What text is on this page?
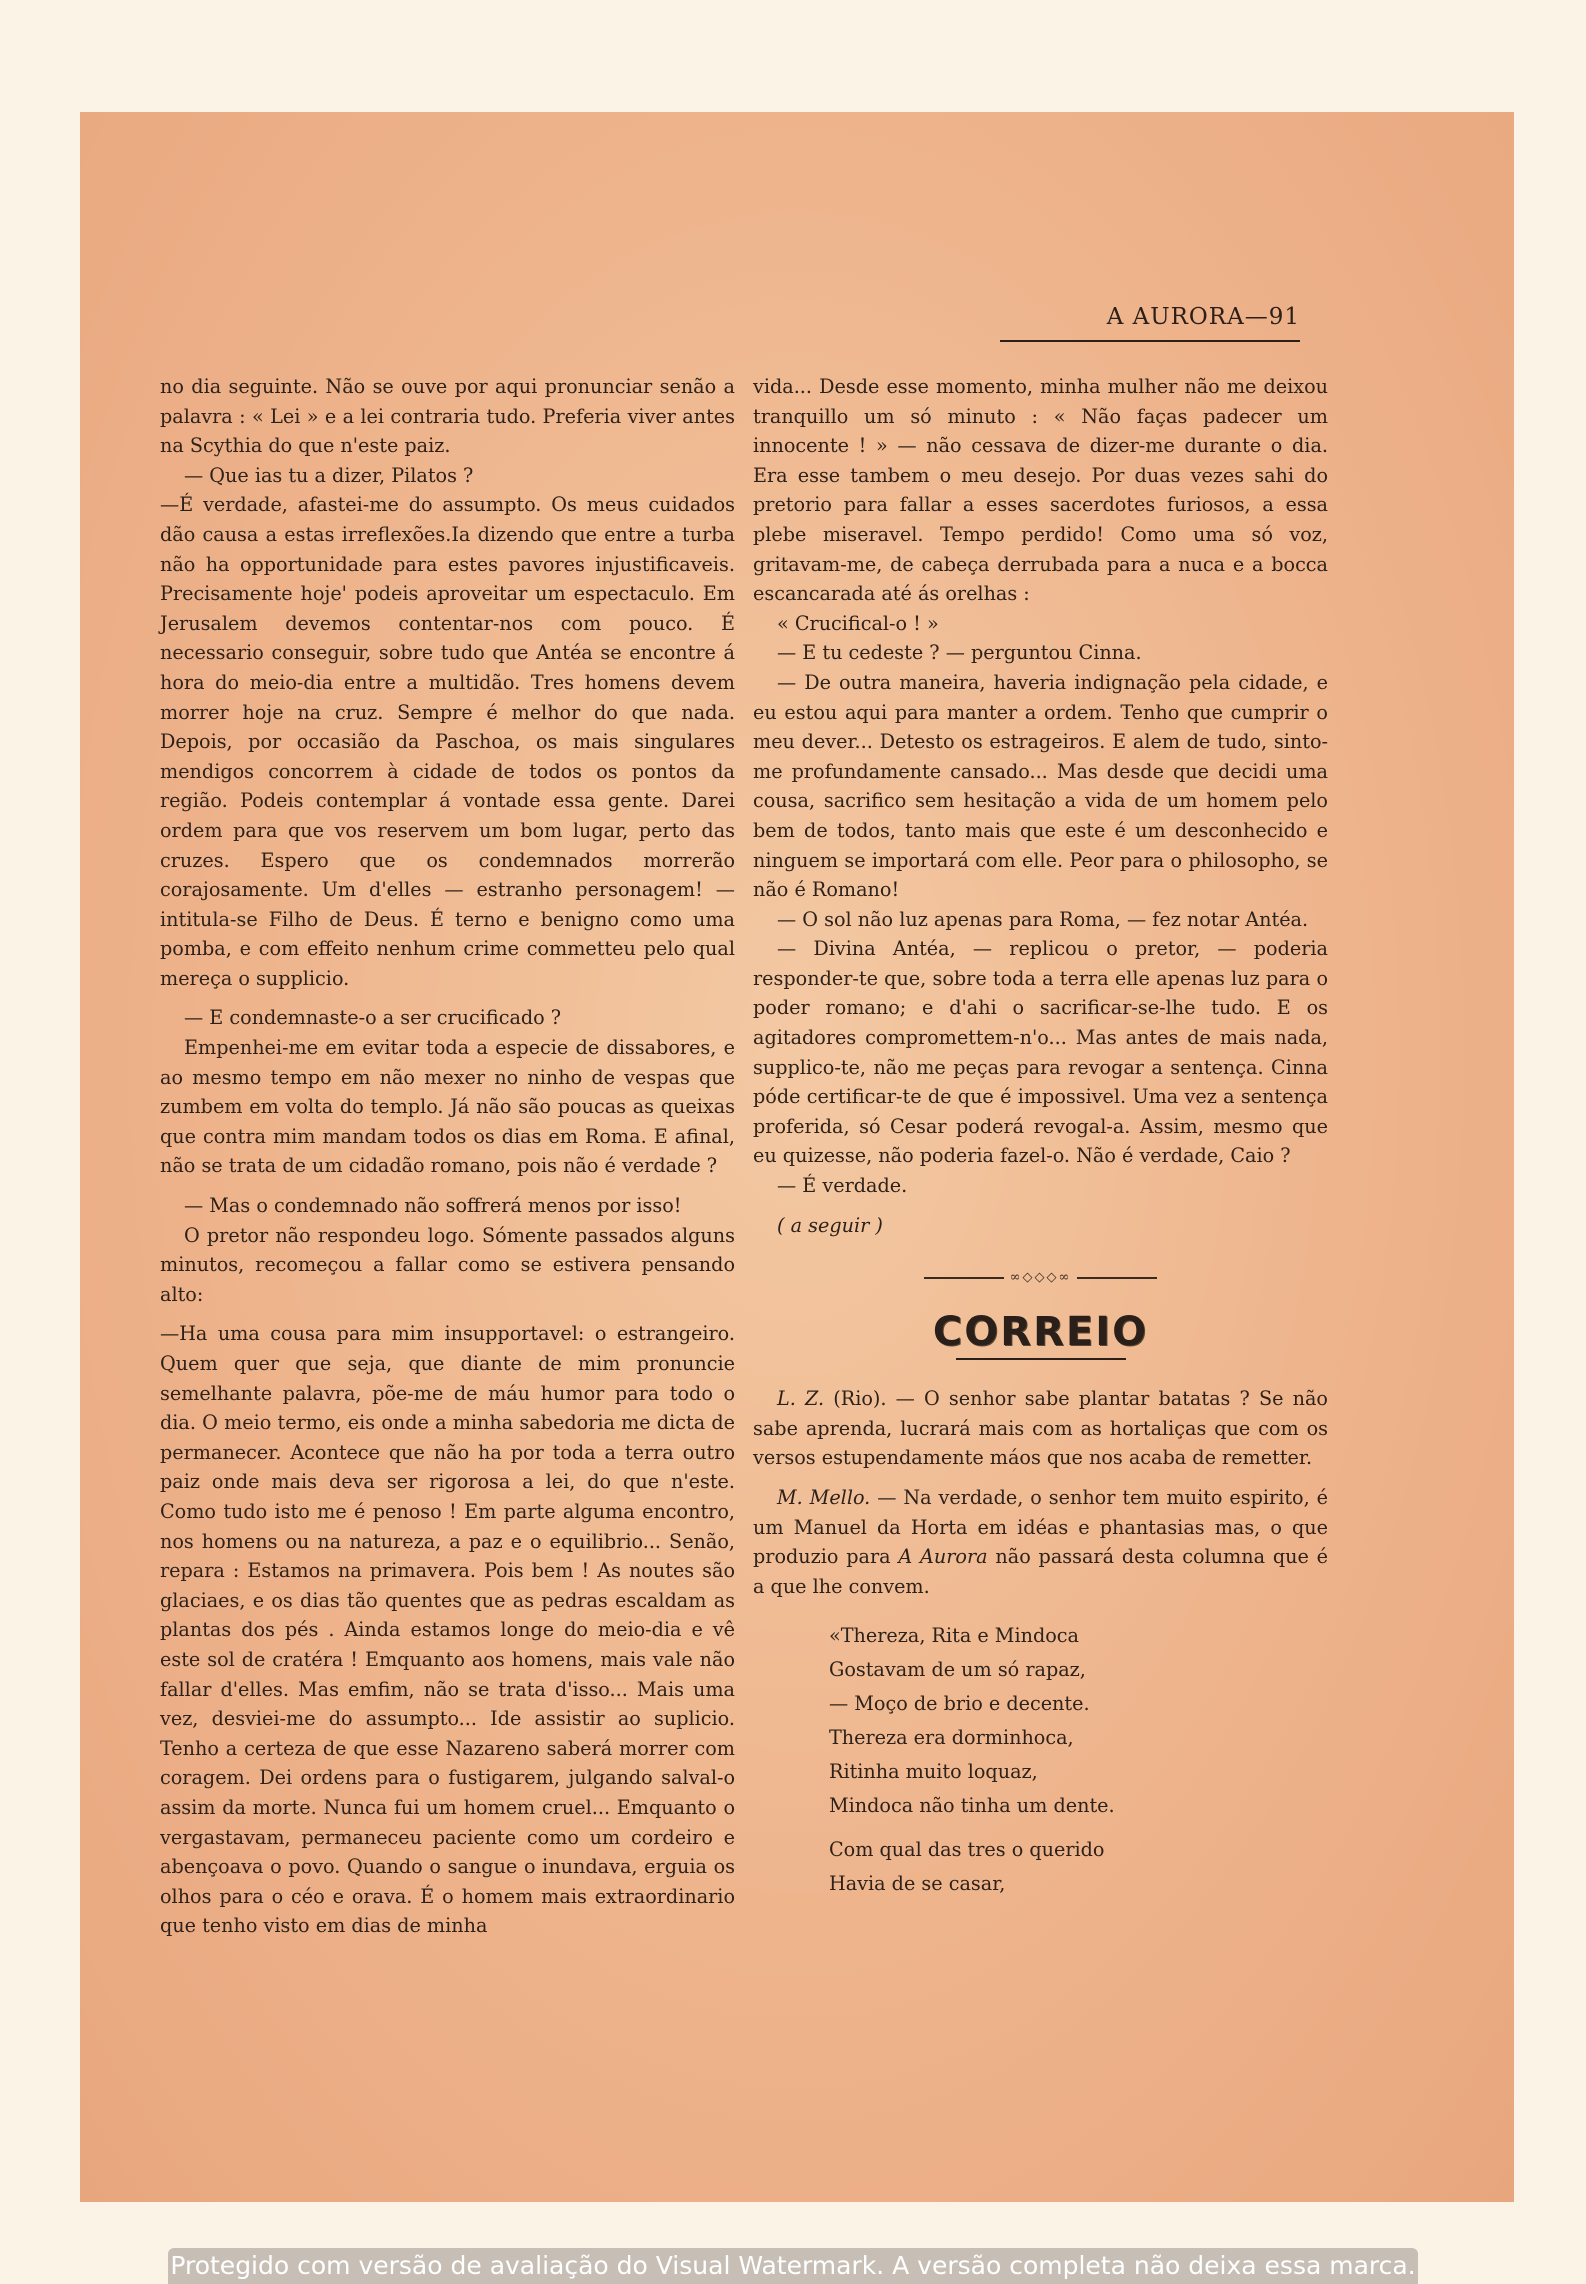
A AURORA—91

no dia seguinte. Não se ouve por aqui pronunciar senão a palavra : « Lei » e a lei contraria tudo. Preferia viver antes na Scythia do que n'este paiz.

— Que ias tu a dizer, Pilatos ?

—É verdade, afastei-me do assumpto. Os meus cuidados dão causa a estas irreflexões.Ia dizendo que entre a turba não ha opportunidade para estes pavores injustificaveis. Precisamente hoje' podeis aproveitar um espectaculo. Em Jerusalem devemos contentar-nos com pouco. É necessario conseguir, sobre tudo que Antéa se encontre á hora do meio-dia entre a multidão. Tres homens devem morrer hoje na cruz. Sempre é melhor do que nada. Depois, por occasião da Paschoa, os mais singulares mendigos concorrem à cidade de todos os pontos da região. Podeis contemplar á vontade essa gente. Darei ordem para que vos reservem um bom lugar, perto das cruzes. Espero que os condemnados morrerão corajosamente. Um d'elles — estranho personagem! — intitula-se Filho de Deus. É terno e benigno como uma pomba, e com effeito nenhum crime commetteu pelo qual mereça o supplicio.

— E condemnaste-o a ser crucificado ?

Empenhei-me em evitar toda a especie de dissabores, e ao mesmo tempo em não mexer no ninho de vespas que zumbem em volta do templo. Já não são poucas as queixas que contra mim mandam todos os dias em Roma. E afinal, não se trata de um cidadão romano, pois não é verdade ?

— Mas o condemnado não soffrerá menos por isso!

O pretor não respondeu logo. Sómente passados alguns minutos, recomeçou a fallar como se estivera pensando alto:

—Ha uma cousa para mim insupportavel: o estrangeiro. Quem quer que seja, que diante de mim pronuncie semelhante palavra, põe-me de máu humor para todo o dia. O meio termo, eis onde a minha sabedoria me dicta de permanecer. Acontece que não ha por toda a terra outro paiz onde mais deva ser rigorosa a lei, do que n'este. Como tudo isto me é penoso ! Em parte alguma encontro, nos homens ou na natureza, a paz e o equilibrio... Senão, repara : Estamos na primavera. Pois bem ! As noutes são glaciaes, e os dias tão quentes que as pedras escaldam as plantas dos pés . Ainda estamos longe do meio-dia e vê este sol de cratéra ! Emquanto aos homens, mais vale não fallar d'elles. Mas emfim, não se trata d'isso... Mais uma vez, desviei-me do assumpto... Ide assistir ao suplicio. Tenho a certeza de que esse Nazareno saberá morrer com coragem. Dei ordens para o fustigarem, julgando salval-o assim da morte. Nunca fui um homem cruel... Emquanto o vergastavam, permaneceu paciente como um cordeiro e abençoava o povo. Quando o sangue o inundava, erguia os olhos para o céo e orava. É o homem mais extraordinario que tenho visto em dias de minha

vida... Desde esse momento, minha mulher não me deixou tranquillo um só minuto : « Não faças padecer um innocente ! » — não cessava de dizer-me durante o dia. Era esse tambem o meu desejo. Por duas vezes sahi do pretorio para fallar a esses sacerdotes furiosos, a essa plebe miseravel. Tempo perdido! Como uma só voz, gritavam-me, de cabeça derrubada para a nuca e a bocca escancarada até ás orelhas :

« Crucifical-o ! »

— E tu cedeste ? — perguntou Cinna.

— De outra maneira, haveria indignação pela cidade, e eu estou aqui para manter a ordem. Tenho que cumprir o meu dever... Detesto os estrageiros. E alem de tudo, sinto-me profundamente cansado... Mas desde que decidi uma cousa, sacrifico sem hesitação a vida de um homem pelo bem de todos, tanto mais que este é um desconhecido e ninguem se importará com elle. Peor para o philosopho, se não é Romano!

— O sol não luz apenas para Roma, — fez notar Antéa.

— Divina Antéa, — replicou o pretor, — poderia responder-te que, sobre toda a terra elle apenas luz para o poder romano; e d'ahi o sacrificar-se-lhe tudo. E os agitadores compromettem-n'o... Mas antes de mais nada, supplico-te, não me peças para revogar a sentença. Cinna póde certificar-te de que é impossivel. Uma vez a sentença proferida, só Cesar poderá revogal-a. Assim, mesmo que eu quizesse, não poderia fazel-o. Não é verdade, Caio ?

— É verdade.

( a seguir )

∞◇◇◇∞
CORREIO

L. Z. (Rio). — O senhor sabe plantar batatas ? Se não sabe aprenda, lucrará mais com as hortaliças que com os versos estupendamente máos que nos acaba de remetter.

M. Mello. — Na verdade, o senhor tem muito espirito, é um Manuel da Horta em idéas e phantasias mas, o que produzio para A Aurora não passará desta columna que é a que lhe convem.

«Thereza, Rita e Mindoca

Gostavam de um só rapaz,

— Moço de brio e decente.

Thereza era dorminhoca,

Ritinha muito loquaz,

Mindoca não tinha um dente.

Com qual das tres o querido

Havia de se casar,

Protegido com versão de avaliação do Visual Watermark. A versão completa não deixa essa marca.
